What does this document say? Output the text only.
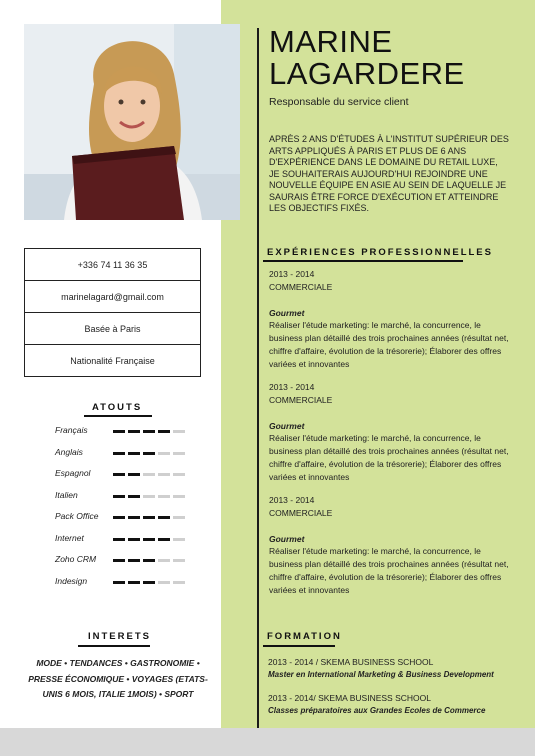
MARINE
LAGARDERE
Responsable du service client
APRÈS 2 ANS D'ÉTUDES À L'INSTITUT SUPÉRIEUR DES ARTS APPLIQUÉS À PARIS ET PLUS DE 6 ANS D'EXPÉRIENCE DANS LE DOMAINE DU RETAIL LUXE, JE SOUHAITERAIS AUJOURD'HUI REJOINDRE UNE NOUVELLE ÉQUIPE EN ASIE AU SEIN DE LAQUELLE JE SAURAIS ÊTRE FORCE D'EXÉCUTION ET ATTEINDRE LES OBJECTIFS FIXÉS.
+336 74 11 36 35
marinelagard@gmail.com
Basée à Paris
Nationalité Française
ATOUTS
Français
Anglais
Espagnol
Italien
Pack Office
Internet
Zoho CRM
Indesign
INTERETS
MODE • TENDANCES • GASTRONOMIE • PRESSE ÉCONOMIQUE • VOYAGES (ETATS-UNIS 6 MOIS, ITALIE 1MOIS) • SPORT
EXPÉRIENCES PROFESSIONNELLES
2013 - 2014
COMMERCIALE
Gourmet
Réaliser l'étude marketing: le marché, la concurrence, le business plan détaillé des trois prochaines années (résultat net, chiffre d'affaire, évolution de la trésorerie); Élaborer des offres variées et innovantes
2013 - 2014
COMMERCIALE
Gourmet
Réaliser l'étude marketing: le marché, la concurrence, le business plan détaillé des trois prochaines années (résultat net, chiffre d'affaire, évolution de la trésorerie); Élaborer des offres variées et innovantes
2013 - 2014
COMMERCIALE
Gourmet
Réaliser l'étude marketing: le marché, la concurrence, le business plan détaillé des trois prochaines années (résultat net, chiffre d'affaire, évolution de la trésorerie); Élaborer des offres variées et innovantes
FORMATION
2013 - 2014 / SKEMA BUSINESS SCHOOL
Master en International Marketing & Business Development
2013 - 2014/ SKEMA BUSINESS SCHOOL
Classes préparatoires aux Grandes Ecoles de Commerce
